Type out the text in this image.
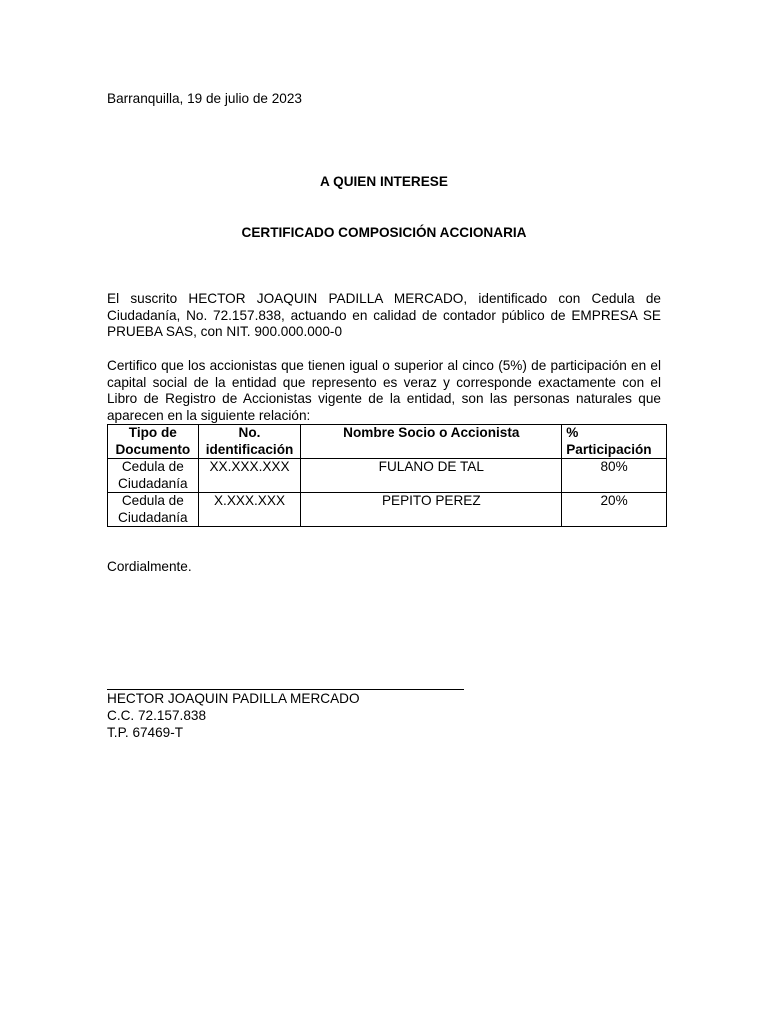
Barranquilla, 19 de julio de 2023
A QUIEN INTERESE
CERTIFICADO COMPOSICIÓN ACCIONARIA
El suscrito HECTOR JOAQUIN PADILLA MERCADO, identificado con Cedula de Ciudadanía, No. 72.157.838, actuando en calidad de contador público de EMPRESA SE PRUEBA SAS, con NIT. 900.000.000-0
Certifico que los accionistas que tienen igual o superior al cinco (5%) de participación en el capital social de la entidad que represento es veraz y corresponde exactamente con el Libro de Registro de Accionistas vigente de la entidad, son las personas naturales que aparecen en la siguiente relación:
Tipo de Documento	No. identificación	Nombre Socio o Accionista	% Participación
Cedula de Ciudadanía	XX.XXX.XXX	FULANO DE TAL	80%
Cedula de Ciudadanía	X.XXX.XXX	PEPITO PEREZ	20%
Cordialmente.
HECTOR JOAQUIN PADILLA MERCADO
C.C. 72.157.838
T.P. 67469-T
